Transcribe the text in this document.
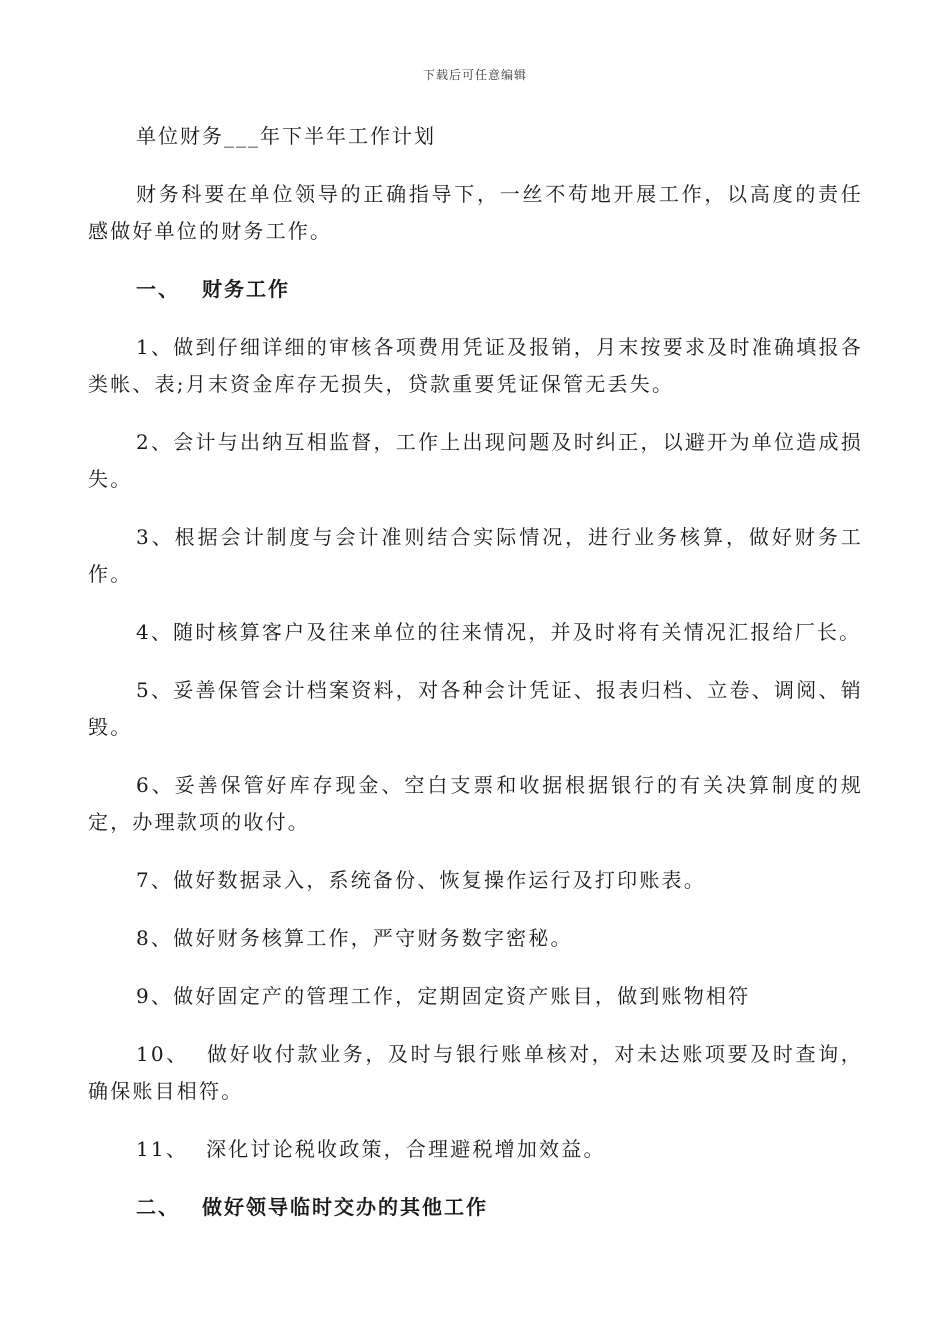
下载后可任意编辑

单位财务___年下半年工作计划

财务科要在单位领导的正确指导下，一丝不苟地开展工作，以高度的责任感做好单位的财务工作。

一、 财务工作

1、做到仔细详细的审核各项费用凭证及报销，月末按要求及时准确填报各类帐、表;月末资金库存无损失，贷款重要凭证保管无丢失。

2、会计与出纳互相监督，工作上出现问题及时纠正，以避开为单位造成损失。

3、根据会计制度与会计准则结合实际情况，进行业务核算，做好财务工作。

4、随时核算客户及往来单位的往来情况，并及时将有关情况汇报给厂长。

5、妥善保管会计档案资料，对各种会计凭证、报表归档、立卷、调阅、销毁。

6、妥善保管好库存现金、空白支票和收据根据银行的有关决算制度的规定，办理款项的收付。

7、做好数据录入，系统备份、恢复操作运行及打印账表。

8、做好财务核算工作，严守财务数字密秘。

9、做好固定产的管理工作，定期固定资产账目，做到账物相符

10、 做好收付款业务，及时与银行账单核对，对未达账项要及时查询，确保账目相符。

11、 深化讨论税收政策，合理避税增加效益。

二、 做好领导临时交办的其他工作
